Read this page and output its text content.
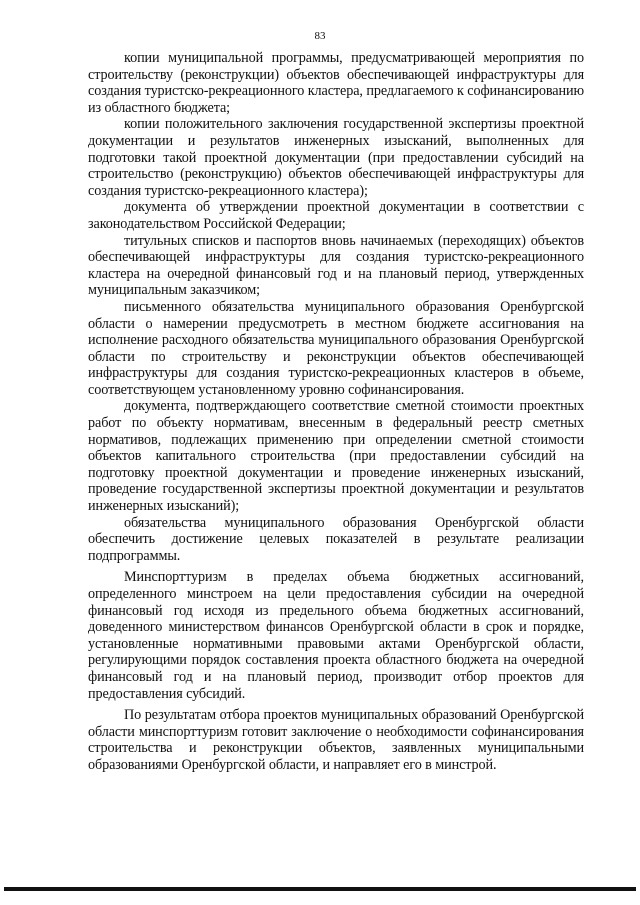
83

копии муниципальной программы, предусматривающей мероприятия по строительству (реконструкции) объектов обеспечивающей инфраструктуры для создания туристско-рекреационного кластера, предлагаемого к софинансированию из областного бюджета;

копии положительного заключения государственной экспертизы проектной документации и результатов инженерных изысканий, выполненных для подготовки такой проектной документации (при предоставлении субсидий на строительство (реконструкцию) объектов обеспечивающей инфраструктуры для создания туристско-рекреационного кластера);

документа об утверждении проектной документации в соответствии с законодательством Российской Федерации;

титульных списков и паспортов вновь начинаемых (переходящих) объектов обеспечивающей инфраструктуры для создания туристско-рекреационного кластера на очередной финансовый год и на плановый период, утвержденных муниципальным заказчиком;

письменного обязательства муниципального образования Оренбургской области о намерении предусмотреть в местном бюджете ассигнования на исполнение расходного обязательства муниципального образования Оренбургской области по строительству и реконструкции объектов обеспечивающей инфраструктуры для создания туристско-рекреационных кластеров в объеме, соответствующем установленному уровню софинансирования.

документа, подтверждающего соответствие сметной стоимости проектных работ по объекту нормативам, внесенным в федеральный реестр сметных нормативов, подлежащих применению при определении сметной стоимости объектов капитального строительства (при предоставлении субсидий на подготовку проектной документации и проведение инженерных изысканий, проведение государственной экспертизы проектной документации и результатов инженерных изысканий);

обязательства муниципального образования Оренбургской области обеспечить достижение целевых показателей в результате реализации подпрограммы.

Минспорттуризм в пределах объема бюджетных ассигнований, определенного минстроем на цели предоставления субсидии на очередной финансовый год исходя из предельного объема бюджетных ассигнований, доведенного министерством финансов Оренбургской области в срок и порядке, установленные нормативными правовыми актами Оренбургской области, регулирующими порядок составления проекта областного бюджета на очередной финансовый год и на плановый период, производит отбор проектов для предоставления субсидий.

По результатам отбора проектов муниципальных образований Оренбургской области минспорттуризм готовит заключение о необходимости софинансирования строительства и реконструкции объектов, заявленных муниципальными образованиями Оренбургской области, и направляет его в минстрой.
